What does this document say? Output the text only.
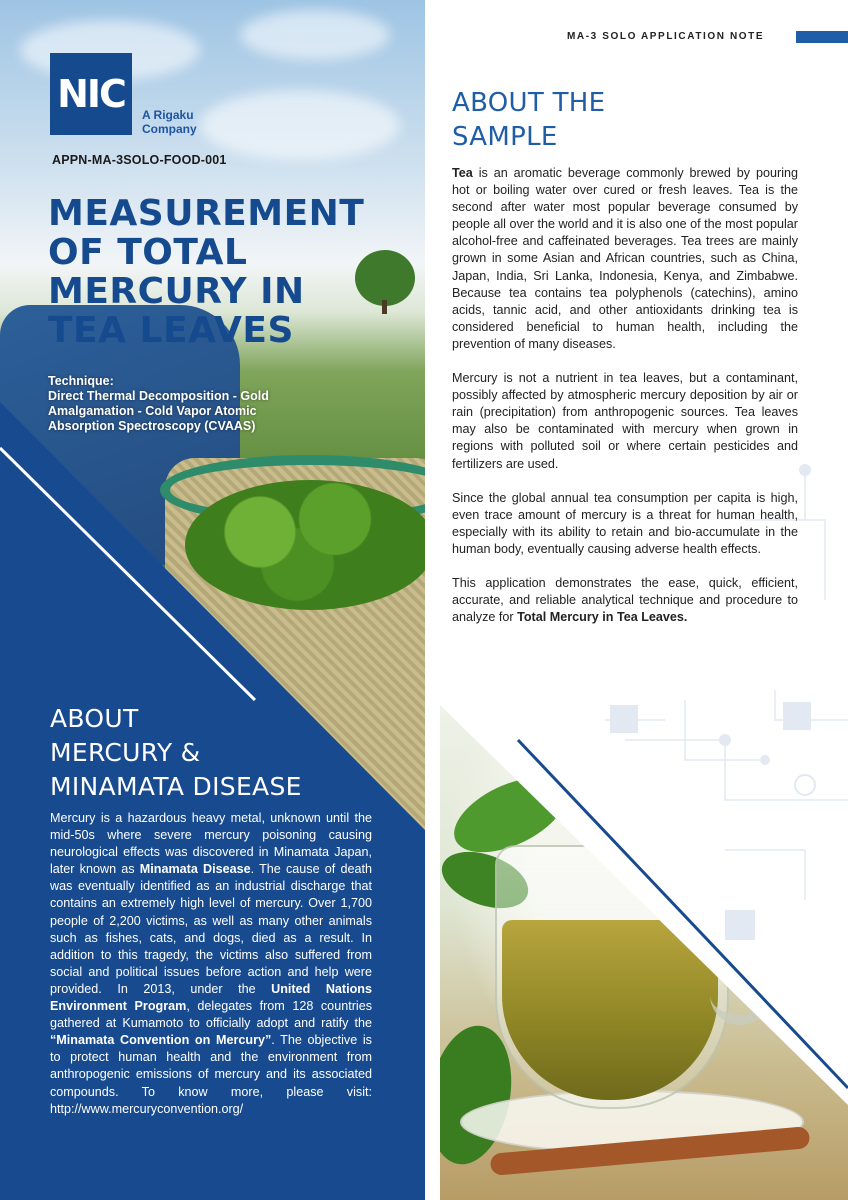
NIC A Rigaku
Company
APPN-MA-3SOLO-FOOD-001
MEASUREMENT
OF TOTAL
MERCURY IN
TEA LEAVES
Technique:
Direct Thermal Decomposition - Gold
Amalgamation - Cold Vapor Atomic
Absorption Spectroscopy (CVAAS)
ABOUT
MERCURY &
MINAMATA DISEASE
Mercury is a hazardous heavy metal, unknown until the mid-50s where severe mercury poisoning causing neurological effects was discovered in Minamata Japan, later known as Minamata Disease. The cause of death was eventually identified as an industrial discharge that contains an extremely high level of mercury. Over 1,700 people of 2,200 victims, as well as many other animals such as fishes, cats, and dogs, died as a result. In addition to this tragedy, the victims also suffered from social and political issues before action and help were provided. In 2013, under the United Nations Environment Program, delegates from 128 countries gathered at Kumamoto to officially adopt and ratify the “Minamata Convention on Mercury”. The objective is to protect human health and the environment from anthropogenic emissions of mercury and its associated compounds. To know more, please visit: http://www.mercuryconvention.org/
MA-3 SOLO APPLICATION NOTE
ABOUT THE
SAMPLE

Tea is an aromatic beverage commonly brewed by pouring hot or boiling water over cured or fresh leaves. Tea is the second after water most popular beverage consumed by people all over the world and it is also one of the most popular alcohol-free and caffeinated beverages. Tea trees are mainly grown in some Asian and African countries, such as China, Japan, India, Sri Lanka, Indonesia, Kenya, and Zimbabwe. Because tea contains tea polyphenols (catechins), amino acids, tannic acid, and other antioxidants drinking tea is considered beneficial to human health, including the prevention of many diseases.

Mercury is not a nutrient in tea leaves, but a contaminant, possibly affected by atmospheric mercury deposition by air or rain (precipitation) from anthropogenic sources. Tea leaves may also be contaminated with mercury when grown in regions with polluted soil or where certain pesticides and fertilizers are used.

Since the global annual tea consumption per capita is high, even trace amount of mercury is a threat for human health, especially with its ability to retain and bio-accumulate in the human body, eventually causing adverse health effects.

This application demonstrates the ease, quick, efficient, accurate, and reliable analytical technique and procedure to analyze for Total Mercury in Tea Leaves.
